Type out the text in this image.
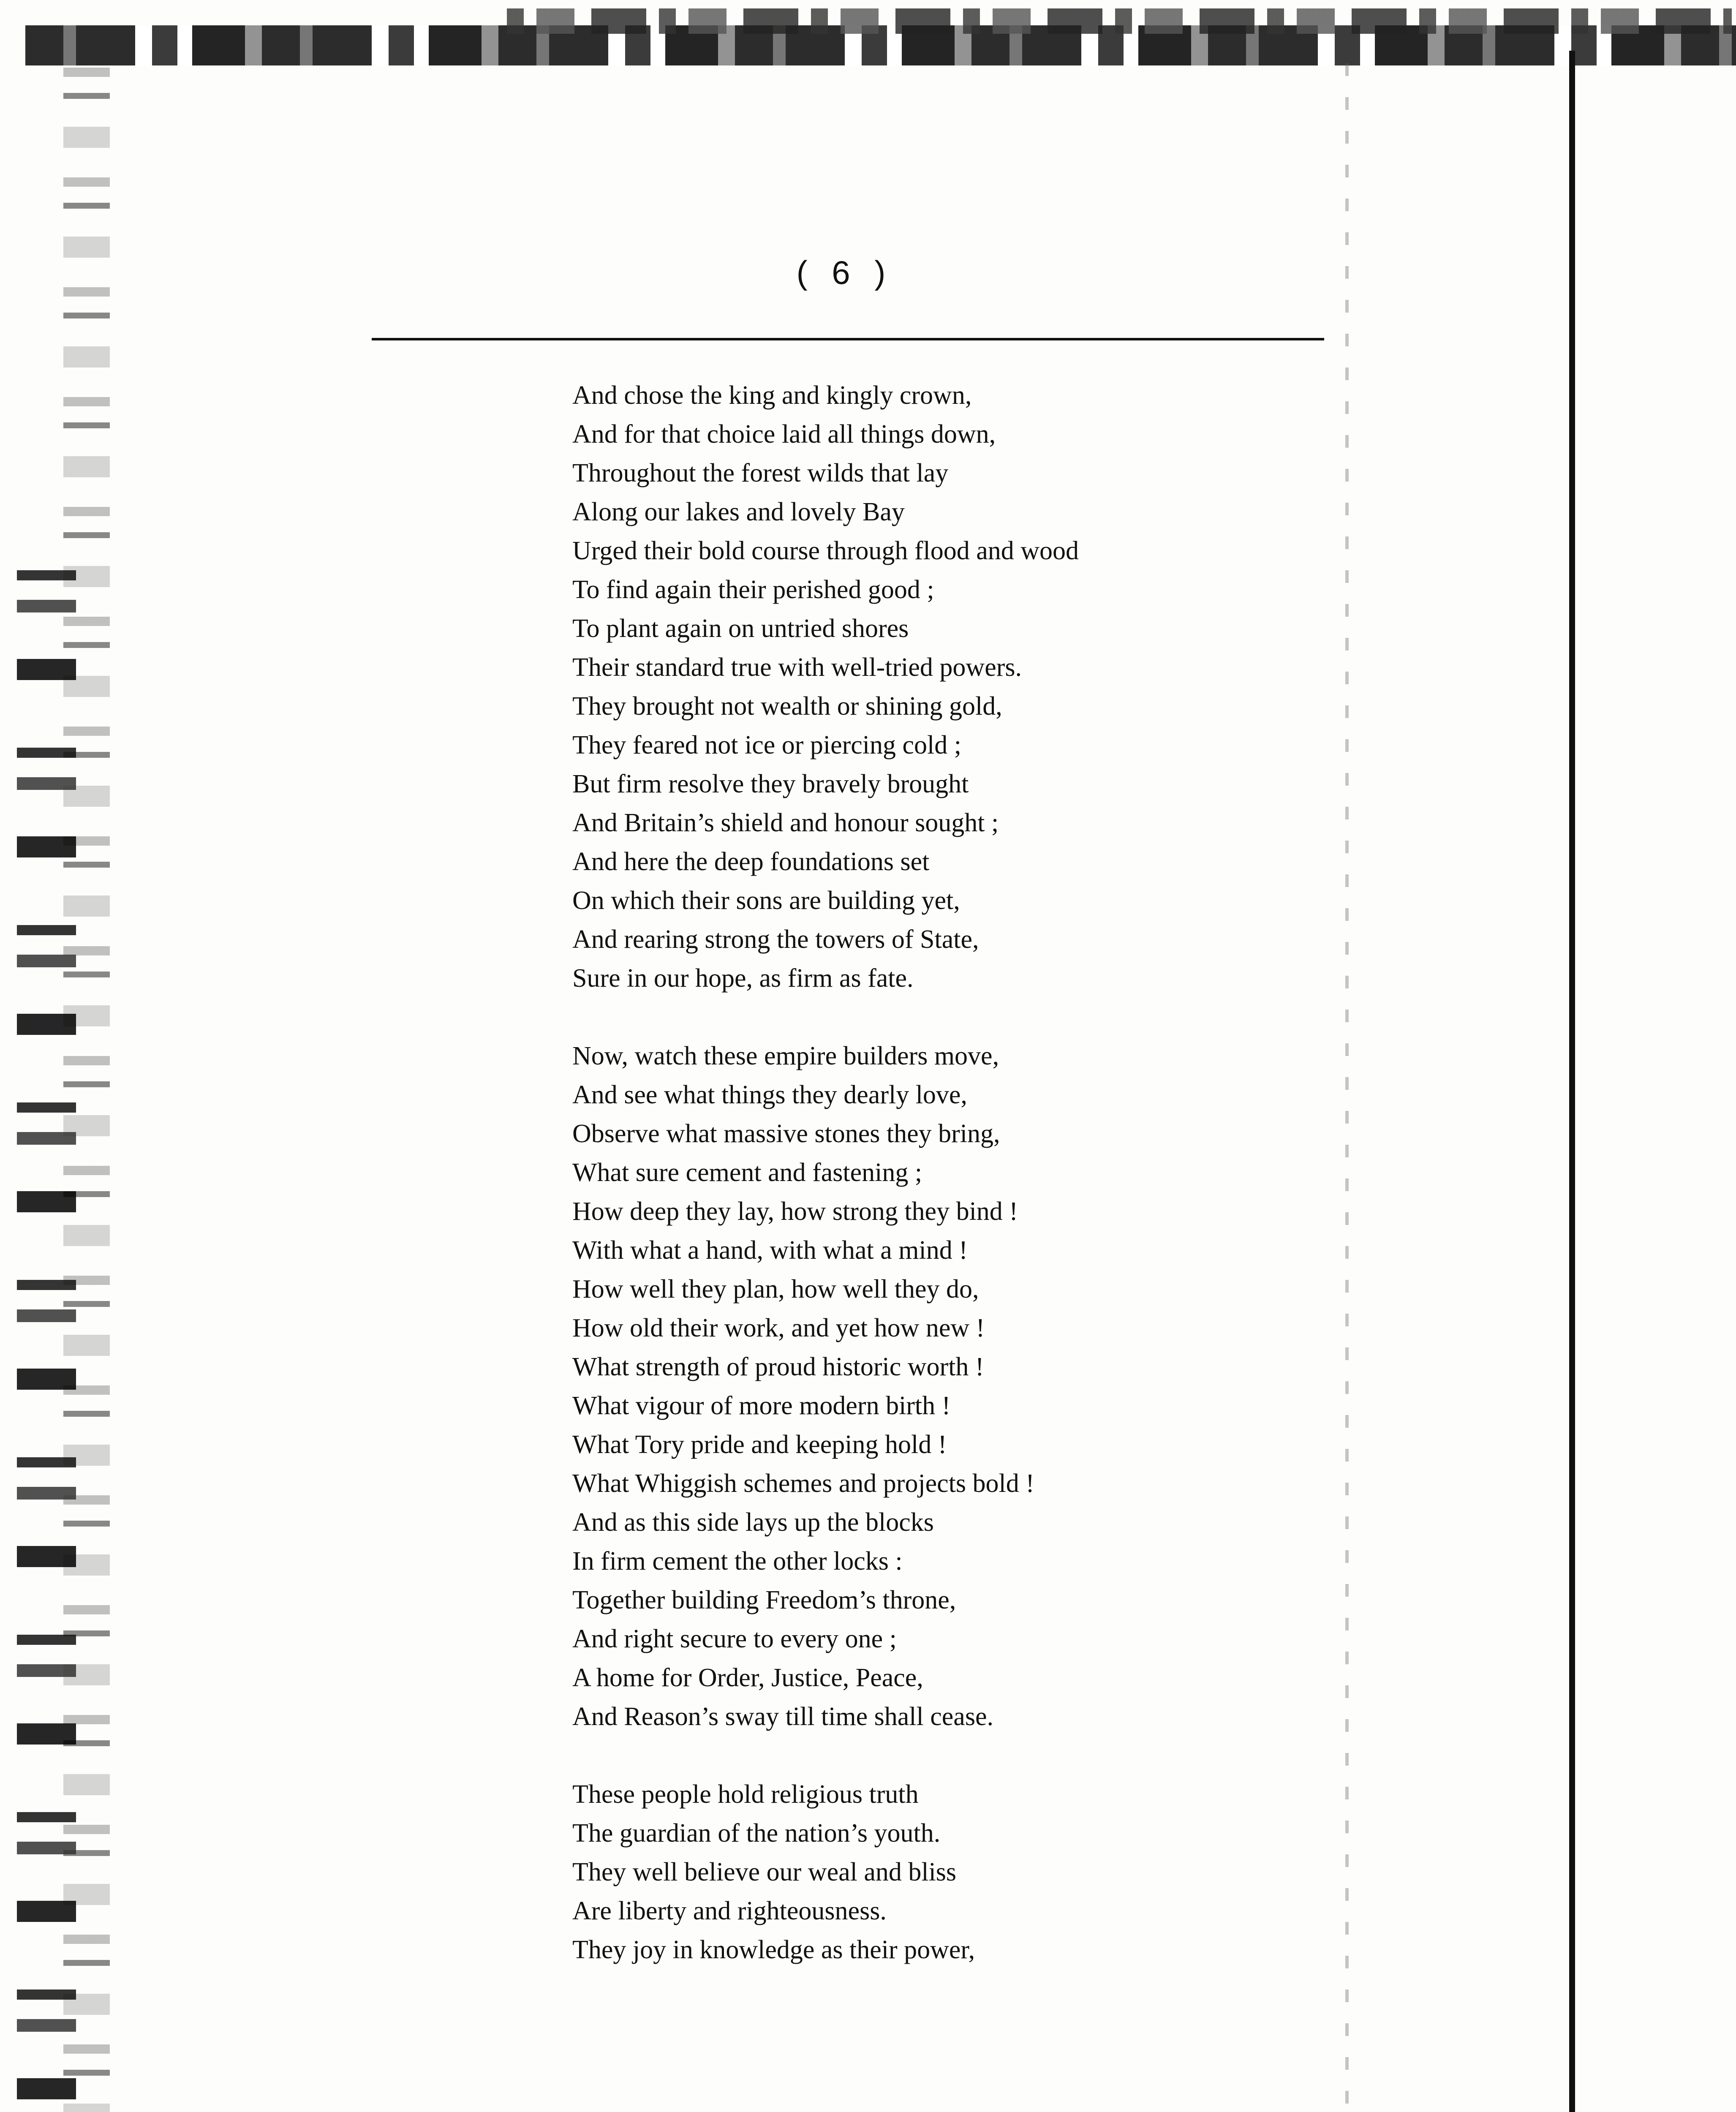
( 6 )
And chose the king and kingly crown,
And for that choice laid all things down,
Throughout the forest wilds that lay
Along our lakes and lovely Bay
Urged their bold course through flood and wood
To find again their perished good ;
To plant again on untried shores
Their standard true with well-tried powers.
They brought not wealth or shining gold,
They feared not ice or piercing cold ;
But firm resolve they bravely brought
And Britain’s shield and honour sought ;
And here the deep foundations set
On which their sons are building yet,
And rearing strong the towers of State,
Sure in our hope, as firm as fate.
Now, watch these empire builders move,
And see what things they dearly love,
Observe what massive stones they bring,
What sure cement and fastening ;
How deep they lay, how strong they bind !
With what a hand, with what a mind !
How well they plan, how well they do,
How old their work, and yet how new !
What strength of proud historic worth !
What vigour of more modern birth !
What Tory pride and keeping hold !
What Whiggish schemes and projects bold !
And as this side lays up the blocks
In firm cement the other locks :
Together building Freedom’s throne,
And right secure to every one ;
A home for Order, Justice, Peace,
And Reason’s sway till time shall cease.
These people hold religious truth
The guardian of the nation’s youth.
They well believe our weal and bliss
Are liberty and righteousness.
They joy in knowledge as their power,
